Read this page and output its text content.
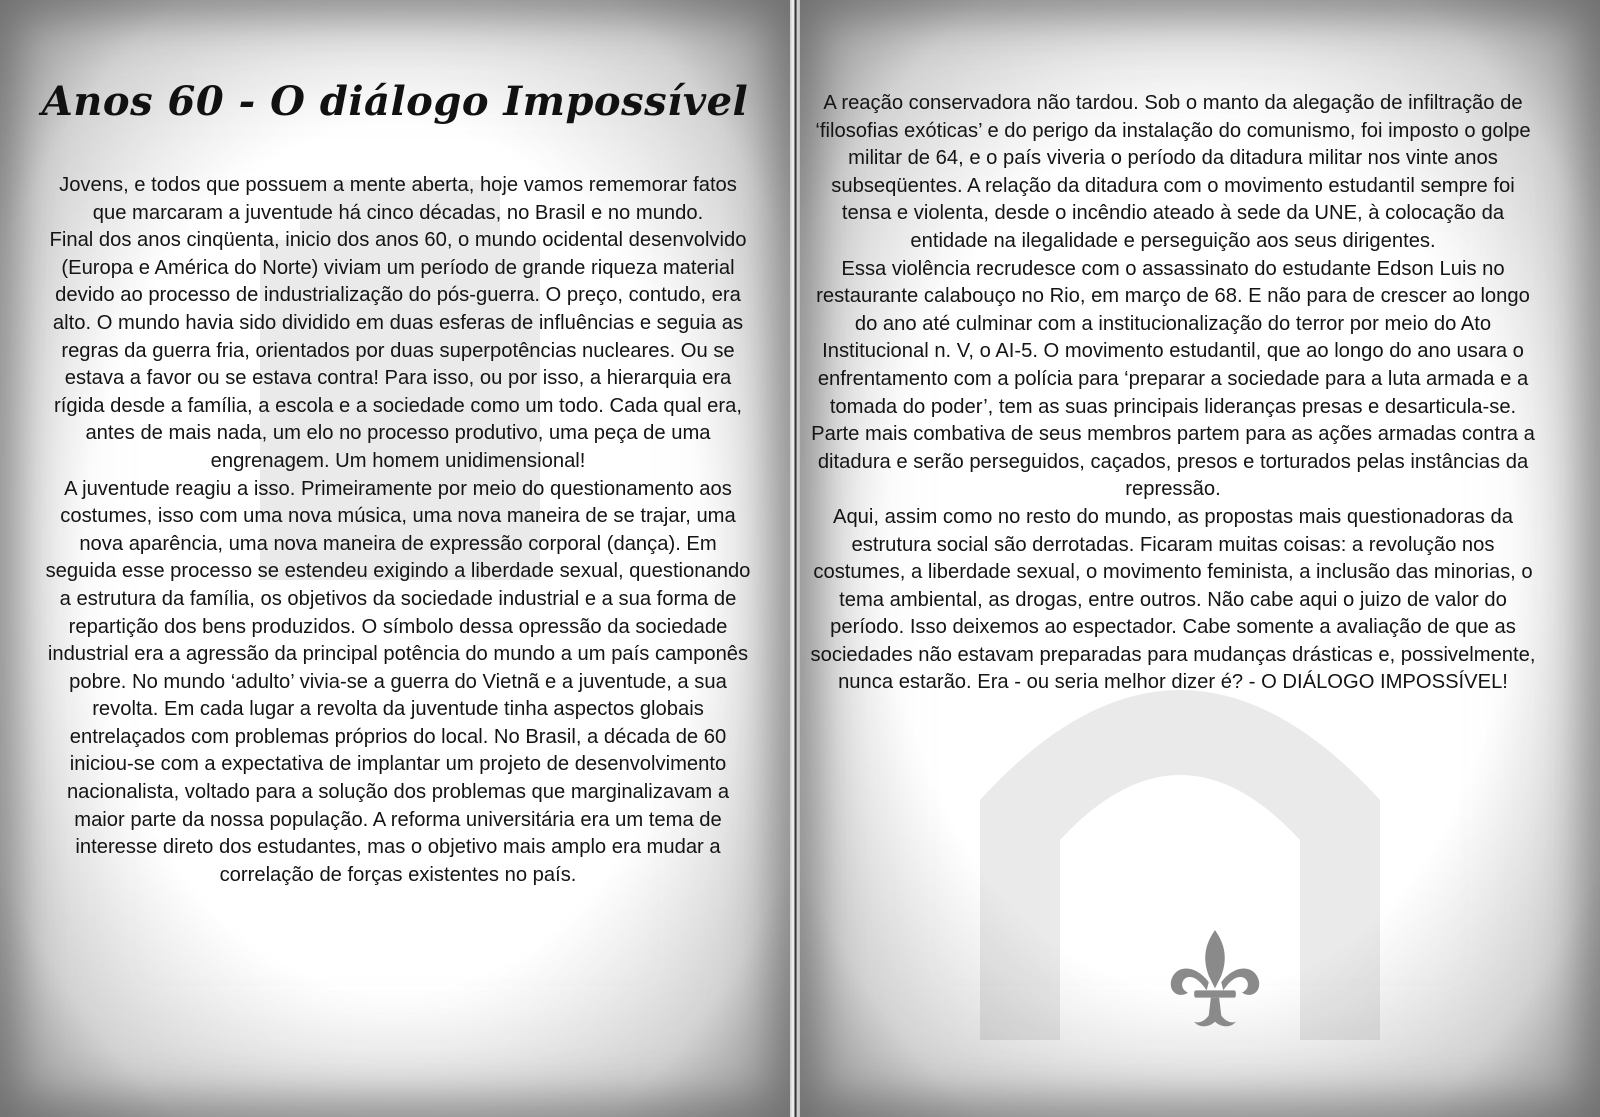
Anos 60 - O diálogo Impossível

Jovens, e todos que possuem a mente aberta, hoje vamos rememorar fatos que marcaram a juventude há cinco décadas, no Brasil e no mundo.

Final dos anos cinqüenta, inicio dos anos 60, o mundo ocidental desenvolvido (Europa e América do Norte) viviam um período de grande riqueza material devido ao processo de industrialização do pós-guerra. O preço, contudo, era alto. O mundo havia sido dividido em duas esferas de influências e seguia as regras da guerra fria, orientados por duas superpotências nucleares. Ou se estava a favor ou se estava contra! Para isso, ou por isso, a hierarquia era rígida desde a família, a escola e a sociedade como um todo. Cada qual era, antes de mais nada, um elo no processo produtivo, uma peça de uma engrenagem. Um homem unidimensional!

A juventude reagiu a isso. Primeiramente por meio do questionamento aos costumes, isso com uma nova música, uma nova maneira de se trajar, uma nova aparência, uma nova maneira de expressão corporal (dança). Em seguida esse processo se estendeu exigindo a liberdade sexual, questionando a estrutura da família, os objetivos da sociedade industrial e a sua forma de repartição dos bens produzidos. O símbolo dessa opressão da sociedade industrial era a agressão da principal potência do mundo a um país camponês pobre. No mundo ‘adulto’ vivia-se a guerra do Vietnã e a juventude, a sua revolta. Em cada lugar a revolta da juventude tinha aspectos globais entrelaçados com problemas próprios do local. No Brasil, a década de 60 iniciou-se com a expectativa de implantar um projeto de desenvolvimento nacionalista, voltado para a solução dos problemas que marginalizavam a maior parte da nossa população. A reforma universitária era um tema de interesse direto dos estudantes, mas o objetivo mais amplo era mudar a correlação de forças existentes no país.

A reação conservadora não tardou. Sob o manto da alegação de infiltração de ‘filosofias exóticas’ e do perigo da instalação do comunismo, foi imposto o golpe militar de 64, e o país viveria o período da ditadura militar nos vinte anos subseqüentes. A relação da ditadura com o movimento estudantil sempre foi tensa e violenta, desde o incêndio ateado à sede da UNE, à colocação da entidade na ilegalidade e perseguição aos seus dirigentes.

Essa violência recrudesce com o assassinato do estudante Edson Luis no restaurante calabouço no Rio, em março de 68. E não para de crescer ao longo do ano até culminar com a institucionalização do terror por meio do Ato Institucional n. V, o AI-5. O movimento estudantil, que ao longo do ano usara o enfrentamento com a polícia para ‘preparar a sociedade para a luta armada e a tomada do poder’, tem as suas principais lideranças presas e desarticula-se. Parte mais combativa de seus membros partem para as ações armadas contra a ditadura e serão perseguidos, caçados, presos e torturados pelas instâncias da repressão.

Aqui, assim como no resto do mundo, as propostas mais questionadoras da estrutura social são derrotadas. Ficaram muitas coisas: a revolução nos costumes, a liberdade sexual, o movimento feminista, a inclusão das minorias, o tema ambiental, as drogas, entre outros. Não cabe aqui o juizo de valor do período. Isso deixemos ao espectador. Cabe somente a avaliação de que as sociedades não estavam preparadas para mudanças drásticas e, possivelmente, nunca estarão. Era - ou seria melhor dizer é? - O DIÁLOGO IMPOSSÍVEL!
